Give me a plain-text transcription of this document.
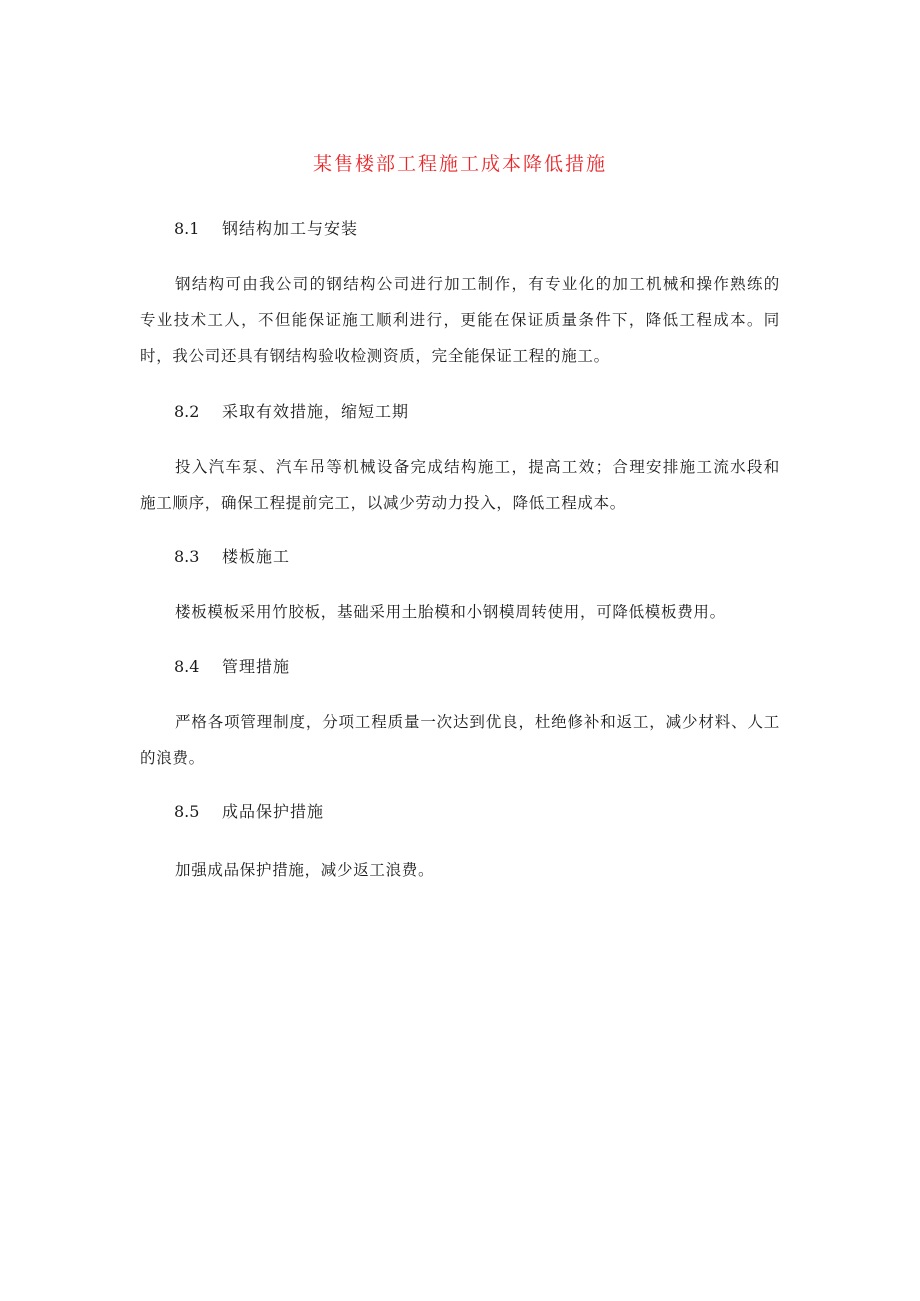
某售楼部工程施工成本降低措施
8.1 钢结构加工与安装

钢结构可由我公司的钢结构公司进行加工制作，有专业化的加工机械和操作熟练的
专业技术工人，不但能保证施工顺利进行，更能在保证质量条件下，降低工程成本。同
时，我公司还具有钢结构验收检测资质，完全能保证工程的施工。

8.2 采取有效措施，缩短工期

投入汽车泵、汽车吊等机械设备完成结构施工，提高工效；合理安排施工流水段和
施工顺序，确保工程提前完工，以减少劳动力投入，降低工程成本。

8.3 楼板施工

楼板模板采用竹胶板，基础采用土胎模和小钢模周转使用，可降低模板费用。

8.4 管理措施

严格各项管理制度，分项工程质量一次达到优良，杜绝修补和返工，减少材料、人工
的浪费。

8.5 成品保护措施

加强成品保护措施，减少返工浪费。
